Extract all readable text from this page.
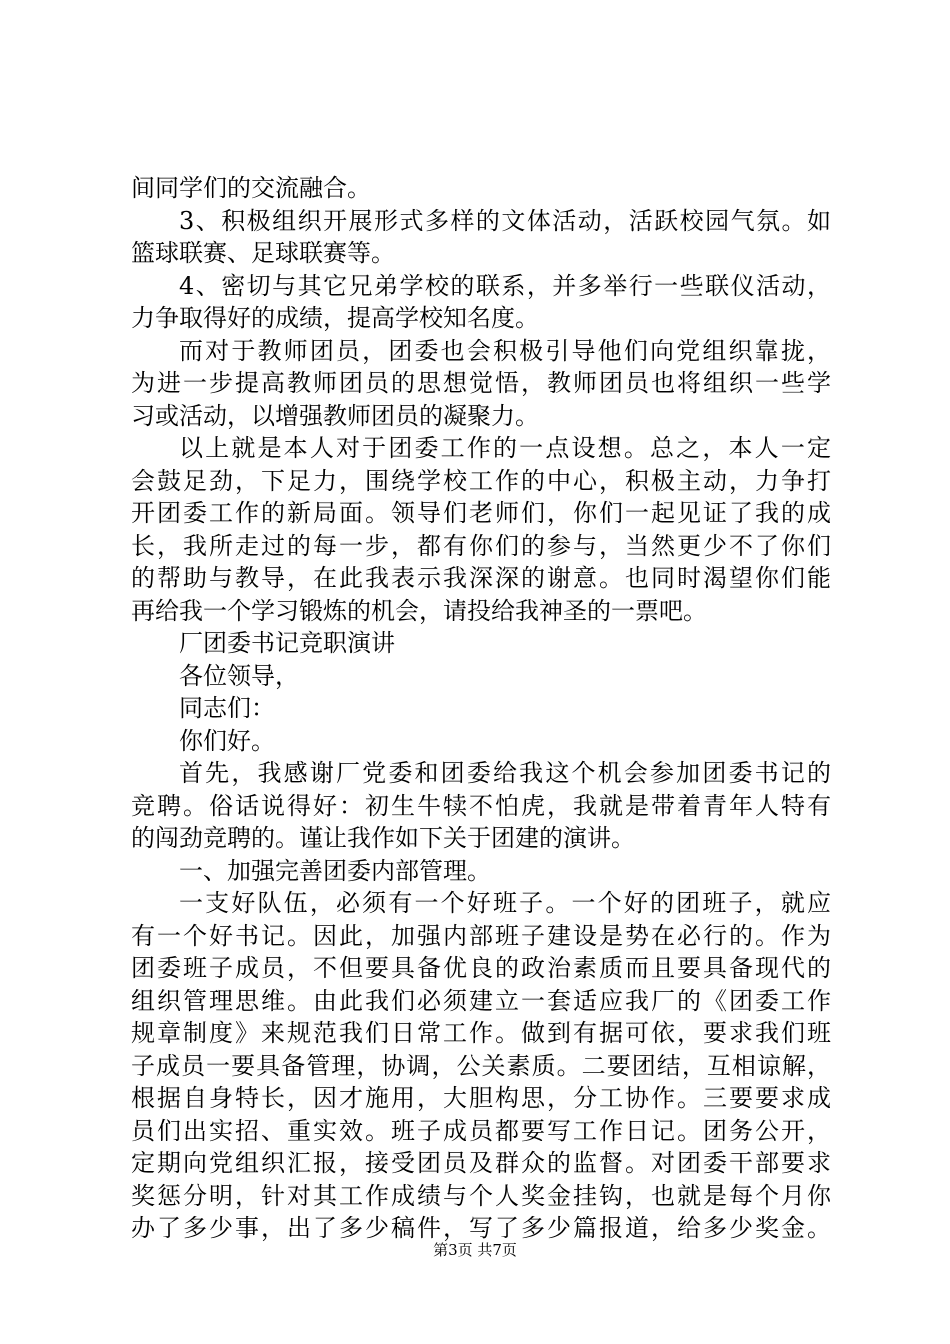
间同学们的交流融合。
3、积极组织开展形式多样的文体活动，活跃校园气氛。如
篮球联赛、足球联赛等。
4、密切与其它兄弟学校的联系，并多举行一些联仪活动，
力争取得好的成绩，提高学校知名度。
而对于教师团员，团委也会积极引导他们向党组织靠拢，
为进一步提高教师团员的思想觉悟，教师团员也将组织一些学
习或活动，以增强教师团员的凝聚力。
以上就是本人对于团委工作的一点设想。总之，本人一定
会鼓足劲，下足力，围绕学校工作的中心，积极主动，力争打
开团委工作的新局面。领导们老师们，你们一起见证了我的成
长，我所走过的每一步，都有你们的参与，当然更少不了你们
的帮助与教导，在此我表示我深深的谢意。也同时渴望你们能
再给我一个学习锻炼的机会，请投给我神圣的一票吧。
厂团委书记竞职演讲
各位领导，
同志们：
你们好。
首先，我感谢厂党委和团委给我这个机会参加团委书记的
竞聘。俗话说得好：初生牛犊不怕虎，我就是带着青年人特有
的闯劲竞聘的。谨让我作如下关于团建的演讲。
一、加强完善团委内部管理。
一支好队伍，必须有一个好班子。一个好的团班子，就应
有一个好书记。因此，加强内部班子建设是势在必行的。作为
团委班子成员，不但要具备优良的政治素质而且要具备现代的
组织管理思维。由此我们必须建立一套适应我厂的《团委工作
规章制度》来规范我们日常工作。做到有据可依，要求我们班
子成员一要具备管理，协调，公关素质。二要团结，互相谅解，
根据自身特长，因才施用，大胆构思，分工协作。三要要求成
员们出实招、重实效。班子成员都要写工作日记。团务公开，
定期向党组织汇报，接受团员及群众的监督。对团委干部要求
奖惩分明，针对其工作成绩与个人奖金挂钩，也就是每个月你
办了多少事，出了多少稿件，写了多少篇报道，给多少奖金。
第3页 共7页
